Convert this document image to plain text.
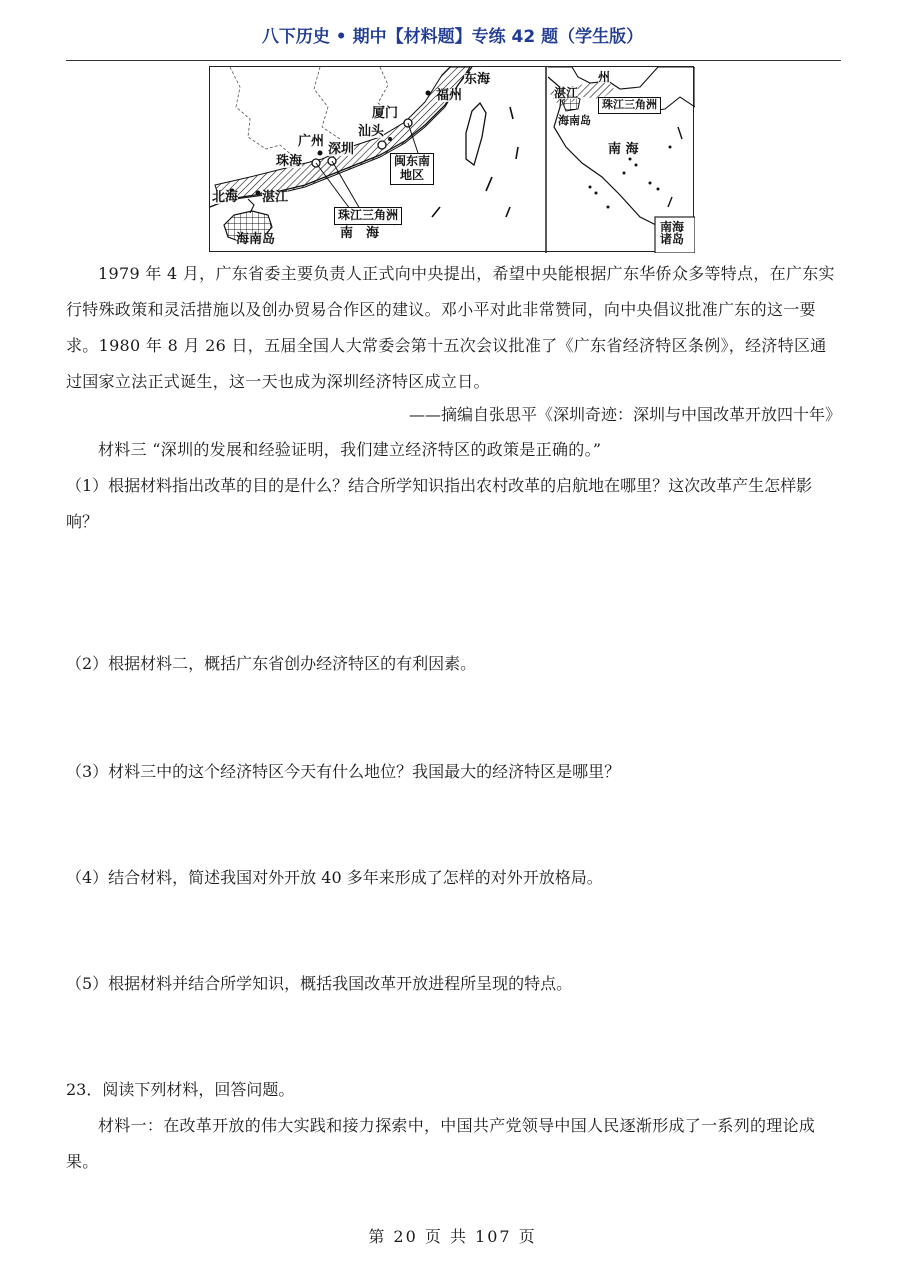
八下历史 • 期中【材料题】专练 42 题（学生版）
东海
福州
厦门
汕头
广州
深圳
珠海
北海 湛江
海南岛	南　海
闽东南
地区
珠江三角洲
湛江
州
珠江三角洲
海南岛
南 海
南海
诸岛
1979 年 4 月，广东省委主要负责人正式向中央提出，希望中央能根据广东华侨众多等特点，在广东实行特殊政策和灵活措施以及创办贸易合作区的建议。邓小平对此非常赞同，向中央倡议批准广东的这一要求。1980 年 8 月 26 日，五届全国人大常委会第十五次会议批准了《广东省经济特区条例》，经济特区通过国家立法正式诞生，这一天也成为深圳经济特区成立日。
——摘编自张思平《深圳奇迹：深圳与中国改革开放四十年》
材料三 “深圳的发展和经验证明，我们建立经济特区的政策是正确的。”
（1）根据材料指出改革的目的是什么？结合所学知识指出农村改革的启航地在哪里？这次改革产生怎样影响？
（2）根据材料二，概括广东省创办经济特区的有利因素。
（3）材料三中的这个经济特区今天有什么地位？我国最大的经济特区是哪里？
（4）结合材料，简述我国对外开放 40 多年来形成了怎样的对外开放格局。
（5）根据材料并结合所学知识，概括我国改革开放进程所呈现的特点。
23．阅读下列材料，回答问题。
材料一：在改革开放的伟大实践和接力探索中，中国共产党领导中国人民逐渐形成了一系列的理论成果。
第 20 页 共 107 页
